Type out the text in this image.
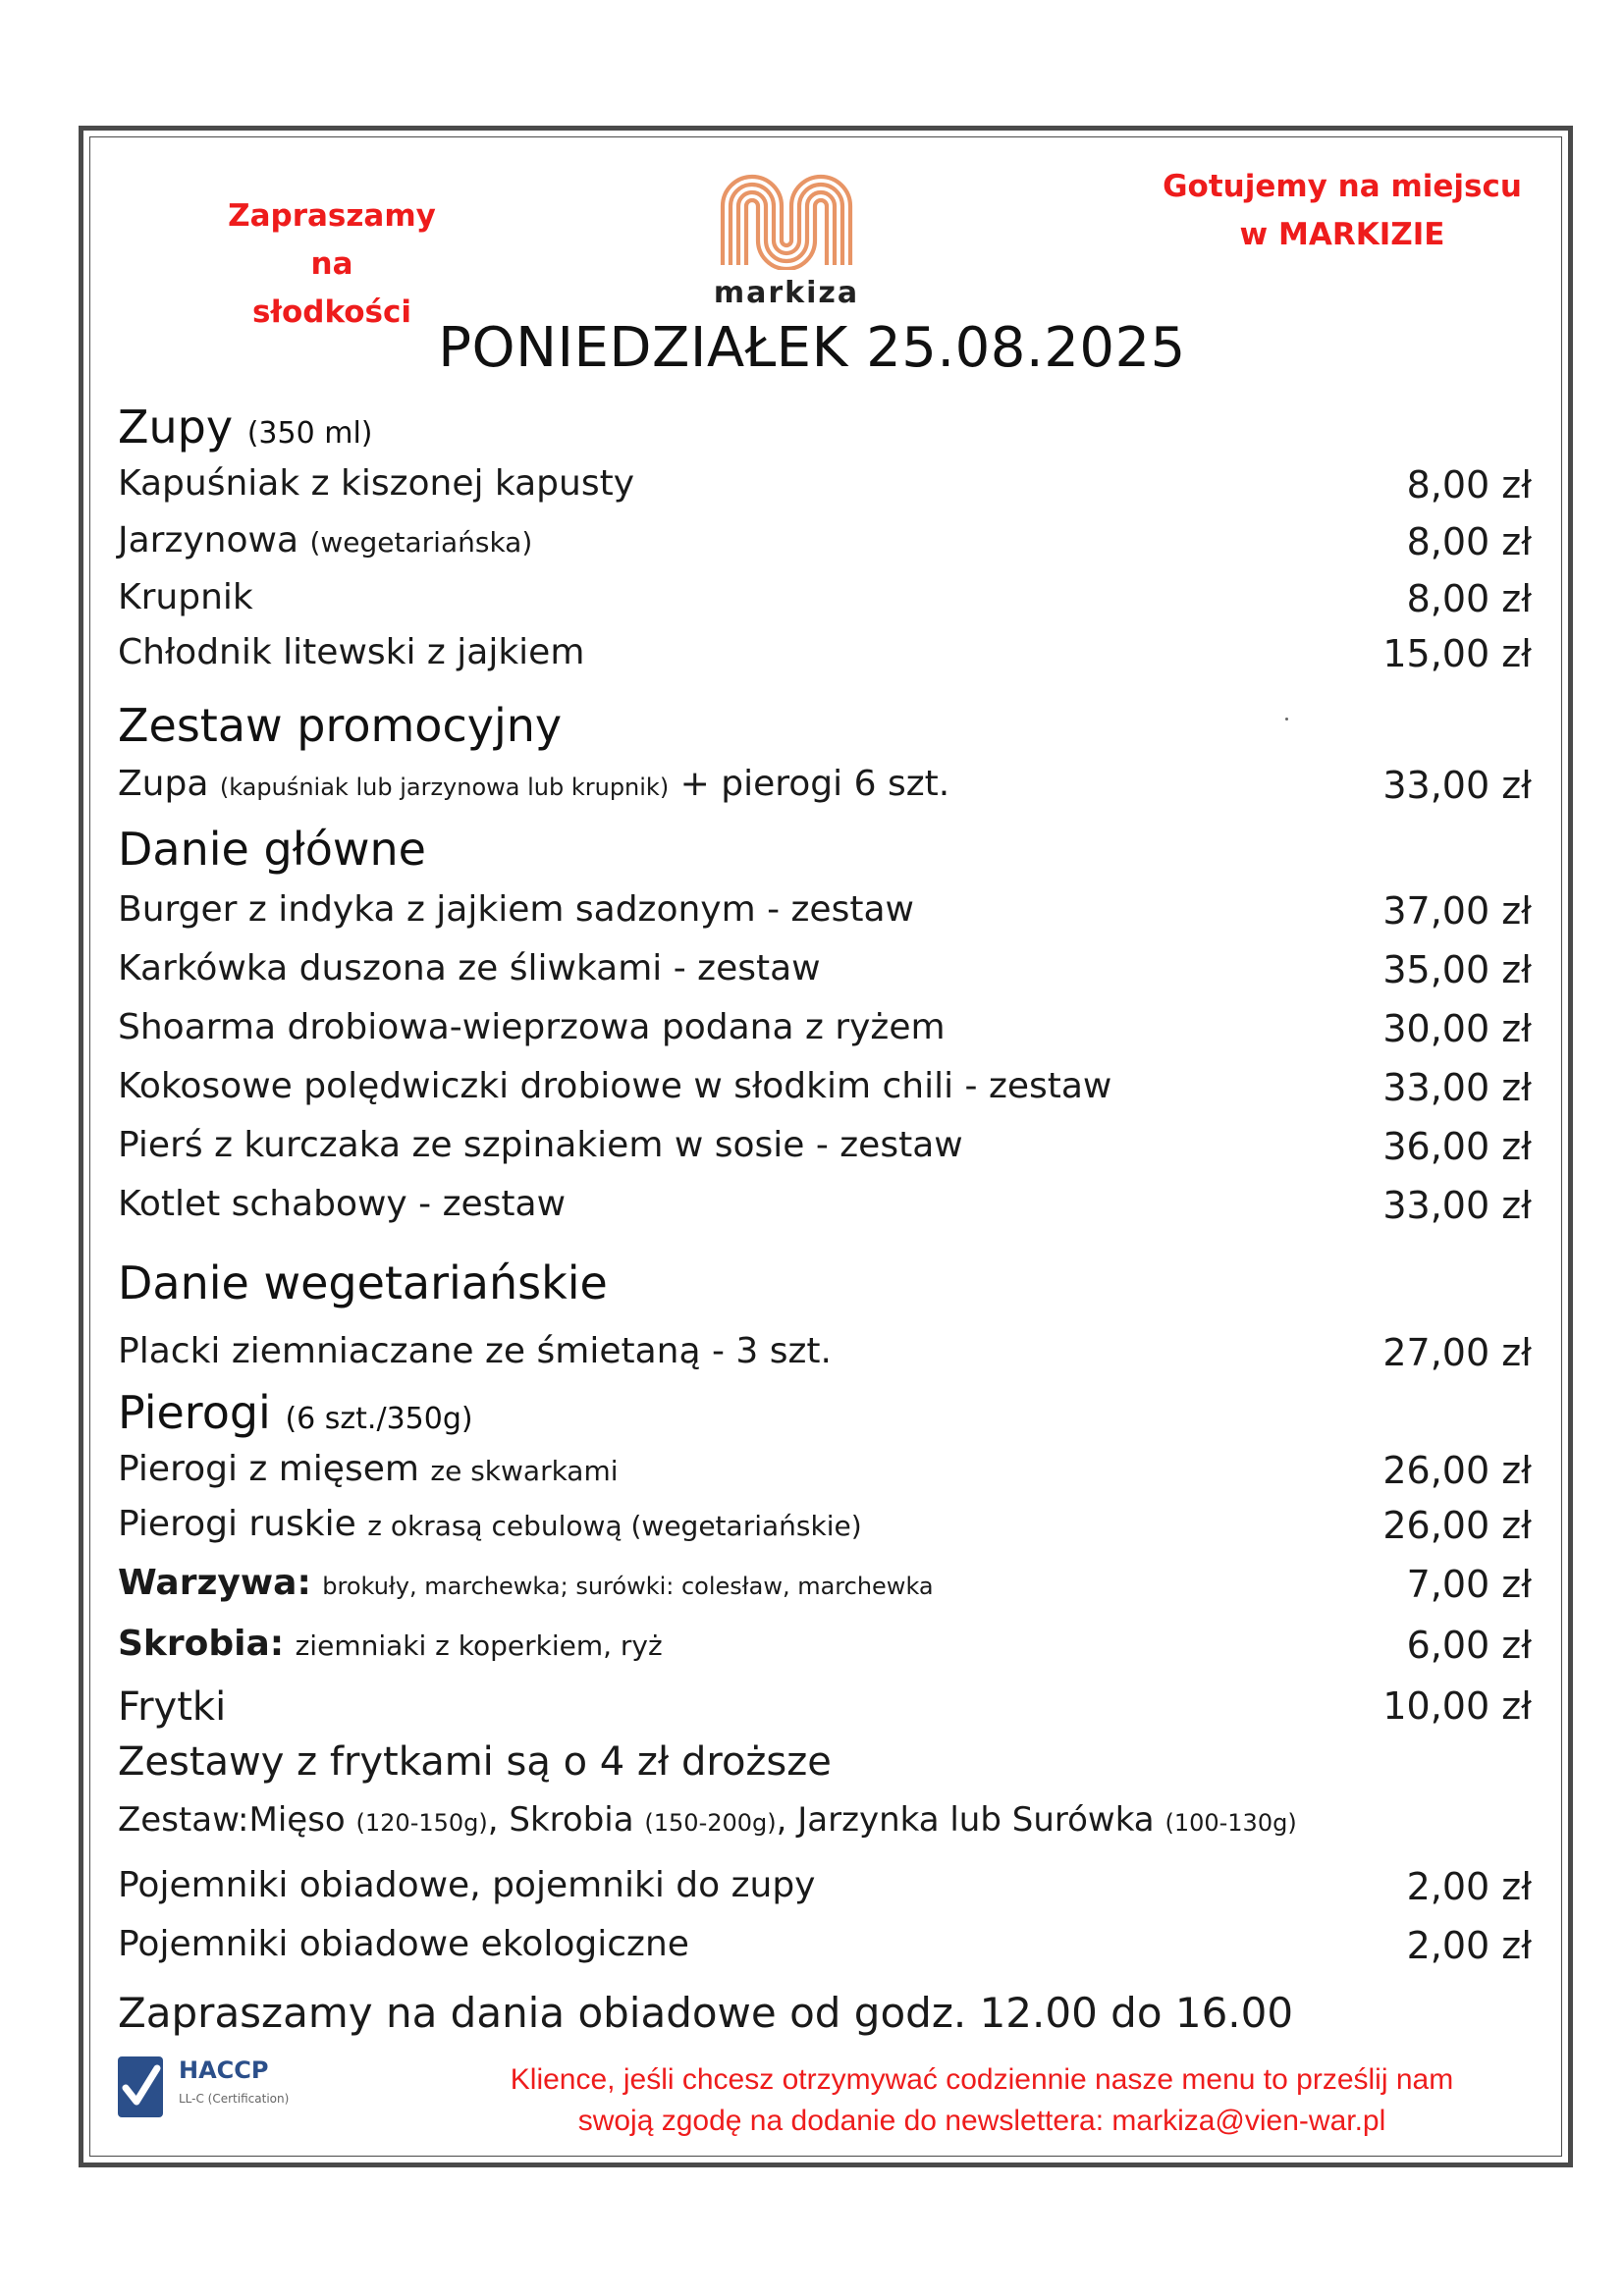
Zapraszamy na
słodkości
markiza
Gotujemy na miejscu
w MARKIZIE
PONIEDZIAŁEK 25.08.2025
Zupy (350 ml)
Kapuśniak z kiszonej kapusty	8,00 zł
Jarzynowa (wegetariańska)	8,00 zł
Krupnik	8,00 zł
Chłodnik litewski z jajkiem	15,00 zł
Zestaw promocyjny
Zupa (kapuśniak lub jarzynowa lub krupnik) + pierogi 6 szt.	33,00 zł
Danie główne
Burger z indyka z jajkiem sadzonym - zestaw	37,00 zł
Karkówka duszona ze śliwkami - zestaw	35,00 zł
Shoarma drobiowa-wieprzowa podana z ryżem	30,00 zł
Kokosowe polędwiczki drobiowe w słodkim chili - zestaw	33,00 zł
Pierś z kurczaka ze szpinakiem w sosie - zestaw	36,00 zł
Kotlet schabowy - zestaw	33,00 zł
Danie wegetariańskie
Placki ziemniaczane ze śmietaną - 3 szt.	27,00 zł
Pierogi (6 szt./350g)
Pierogi z mięsem ze skwarkami	26,00 zł
Pierogi ruskie z okrasą cebulową (wegetariańskie)	26,00 zł
Warzywa: brokuły, marchewka; surówki: colesław, marchewka	7,00 zł
Skrobia: ziemniaki z koperkiem, ryż	6,00 zł
Frytki	10,00 zł
Zestawy z frytkami są o 4 zł droższe
Zestaw:Mięso (120-150g), Skrobia (150-200g), Jarzynka lub Surówka (100-130g)
Pojemniki obiadowe, pojemniki do zupy	2,00 zł
Pojemniki obiadowe ekologiczne	2,00 zł
Zapraszamy na dania obiadowe od godz. 12.00 do 16.00
HACCP
LL-C (Certification)
Klience, jeśli chcesz otrzymywać codziennie nasze menu to prześlij nam
swoją zgodę na dodanie do newslettera: markiza@vien-war.pl
